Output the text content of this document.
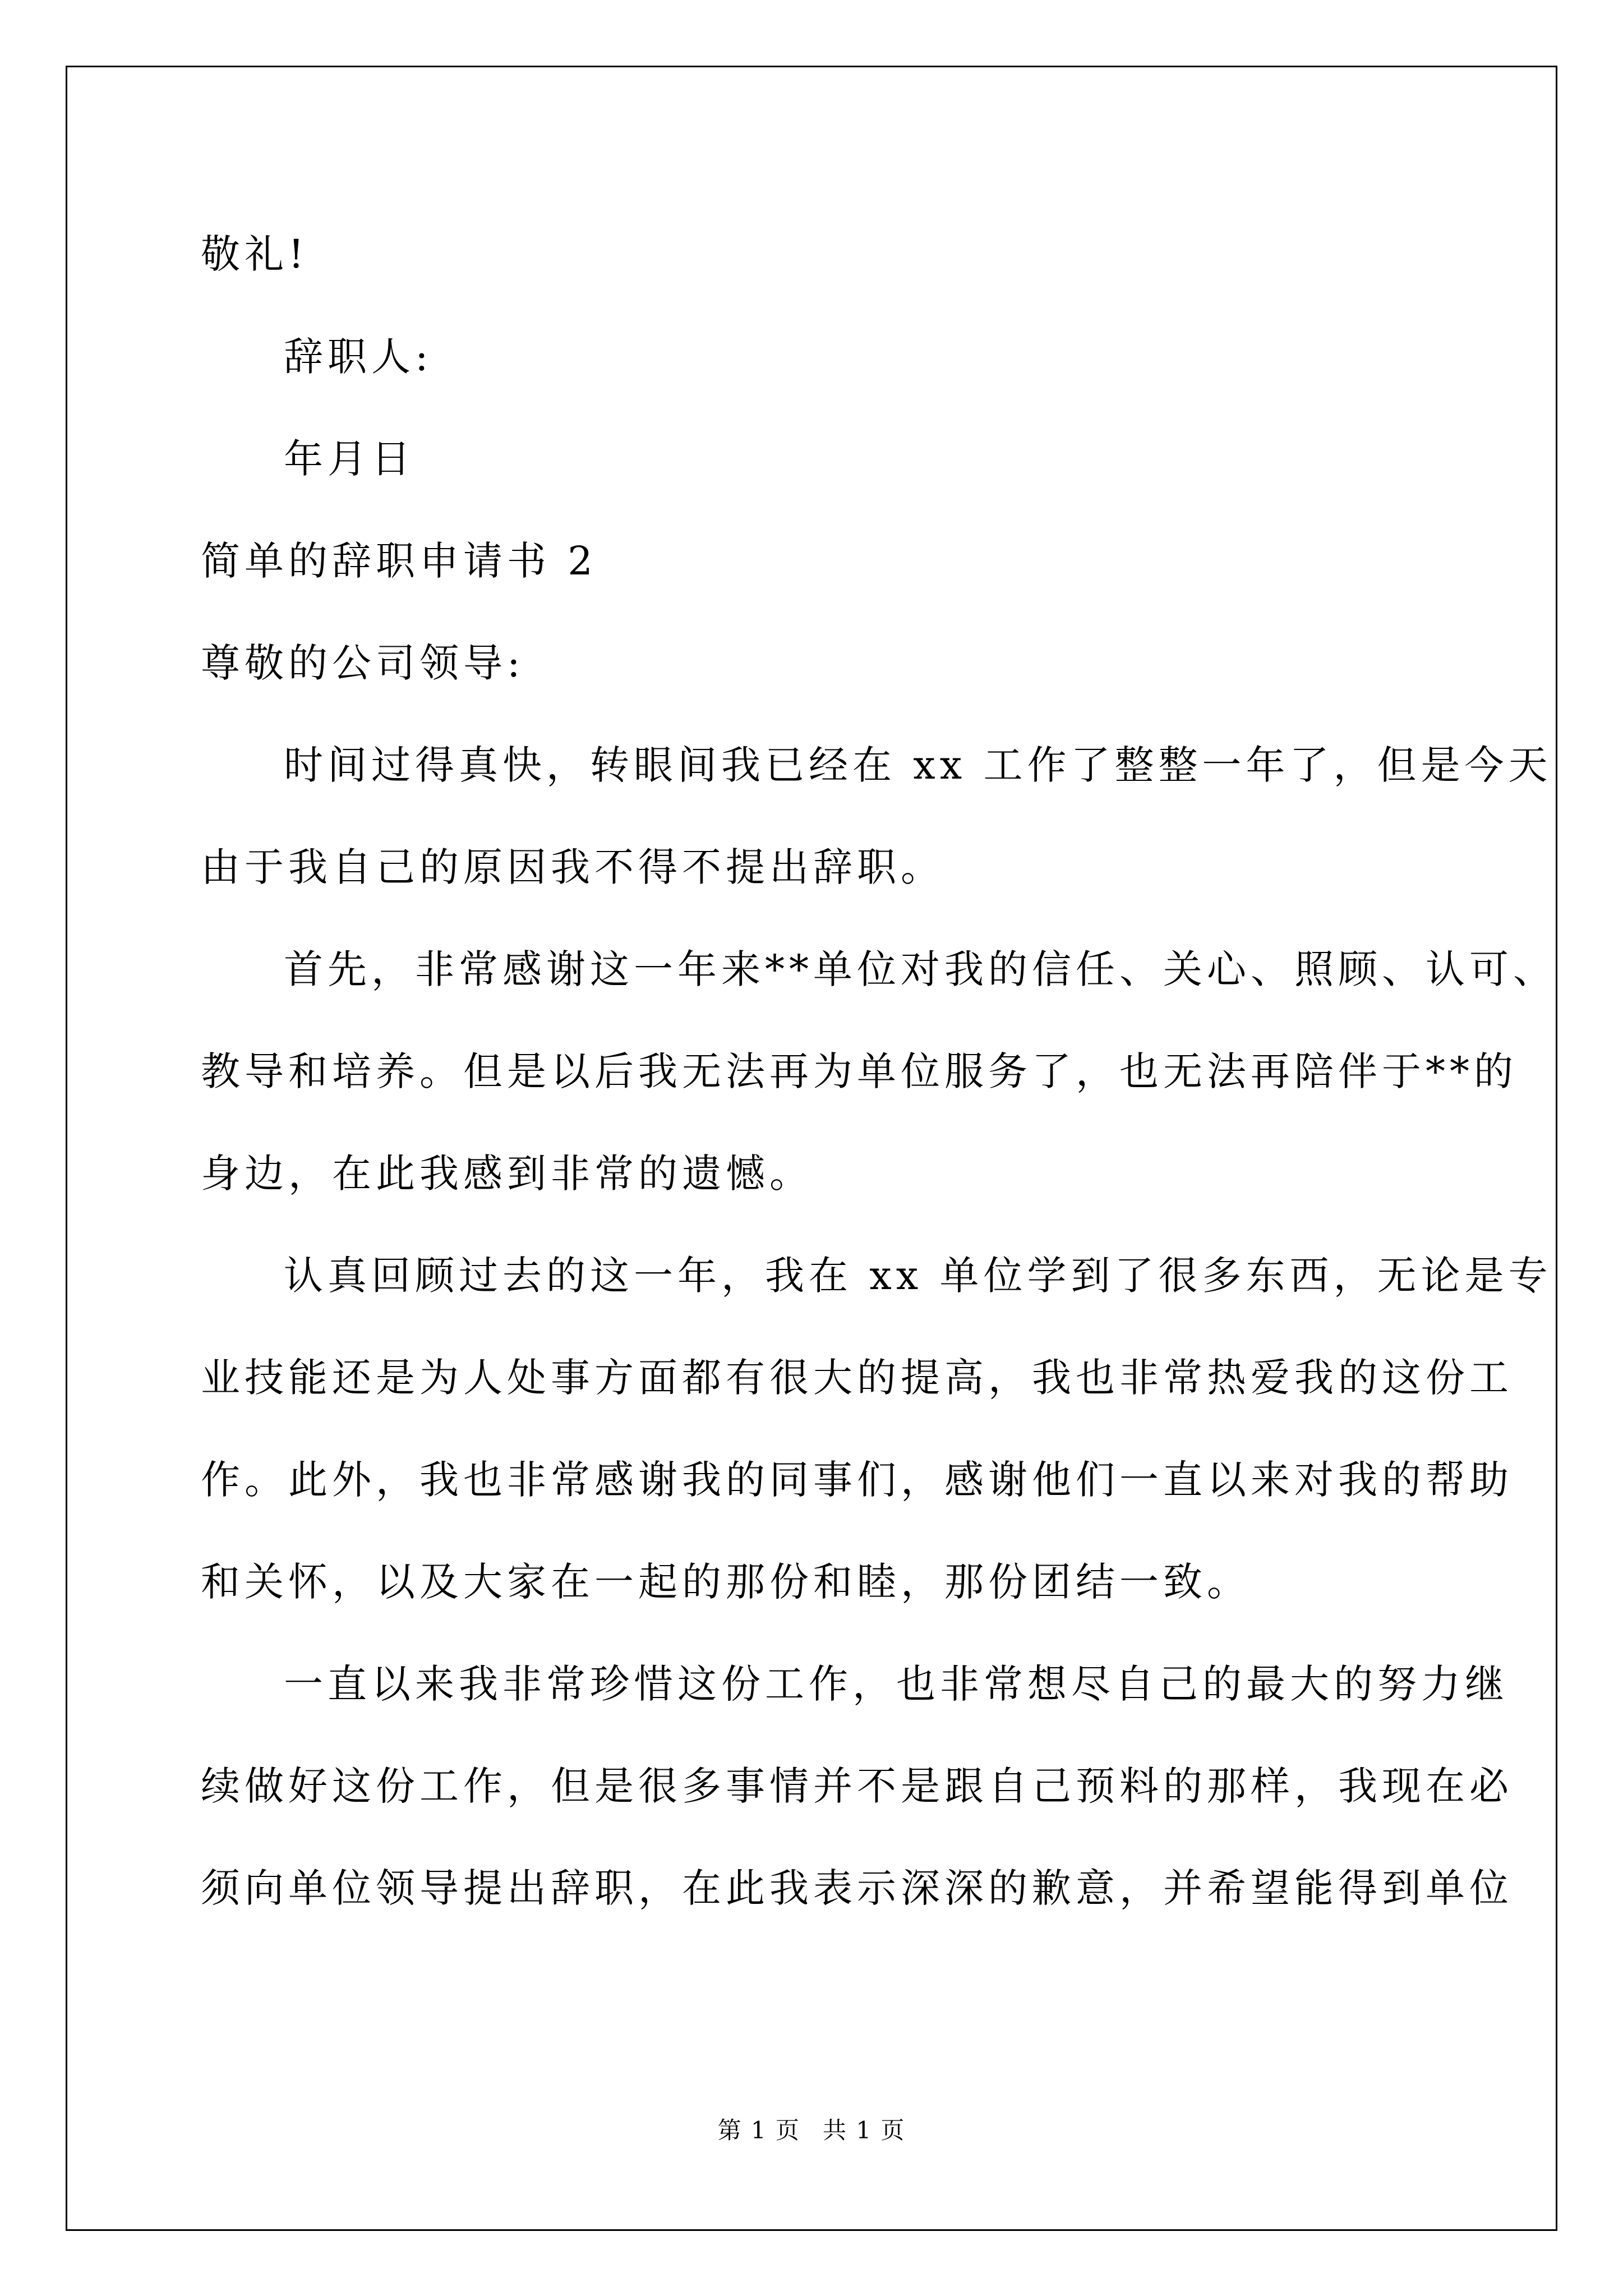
敬礼!
辞职人:
年月日
简单的辞职申请书 2
尊敬的公司领导:
时间过得真快，转眼间我已经在 xx 工作了整整一年了，但是今天
由于我自己的原因我不得不提出辞职。
首先，非常感谢这一年来**单位对我的信任、关心、照顾、认可、
教导和培养。但是以后我无法再为单位服务了，也无法再陪伴于**的
身边，在此我感到非常的遗憾。
认真回顾过去的这一年，我在 xx 单位学到了很多东西，无论是专
业技能还是为人处事方面都有很大的提高，我也非常热爱我的这份工
作。此外，我也非常感谢我的同事们，感谢他们一直以来对我的帮助
和关怀，以及大家在一起的那份和睦，那份团结一致。
一直以来我非常珍惜这份工作，也非常想尽自己的最大的努力继
续做好这份工作，但是很多事情并不是跟自己预料的那样，我现在必
须向单位领导提出辞职，在此我表示深深的歉意，并希望能得到单位
第 1 页 共 1 页
